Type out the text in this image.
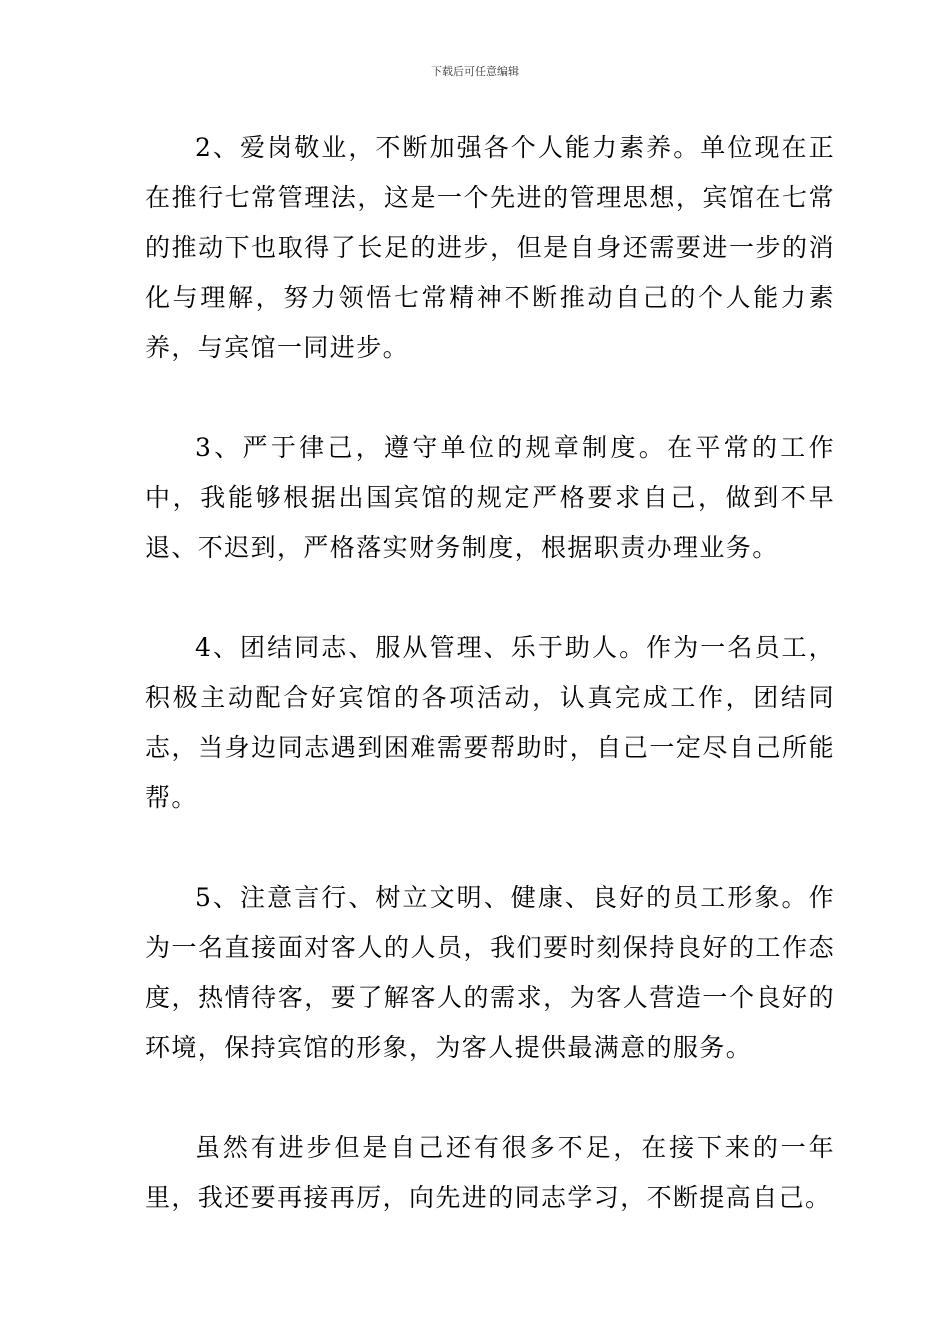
下载后可任意编辑

2、爱岗敬业，不断加强各个人能力素养。单位现在正在推行七常管理法，这是一个先进的管理思想，宾馆在七常的推动下也取得了长足的进步，但是自身还需要进一步的消化与理解，努力领悟七常精神不断推动自己的个人能力素养，与宾馆一同进步。

3、严于律己，遵守单位的规章制度。在平常的工作中，我能够根据出国宾馆的规定严格要求自己，做到不早退、不迟到，严格落实财务制度，根据职责办理业务。

4、团结同志、服从管理、乐于助人。作为一名员工，积极主动配合好宾馆的各项活动，认真完成工作，团结同志，当身边同志遇到困难需要帮助时，自己一定尽自己所能帮。

5、注意言行、树立文明、健康、良好的员工形象。作为一名直接面对客人的人员，我们要时刻保持良好的工作态度，热情待客，要了解客人的需求，为客人营造一个良好的环境，保持宾馆的形象，为客人提供最满意的服务。

虽然有进步但是自己还有很多不足，在接下来的一年里，我还要再接再厉，向先进的同志学习，不断提高自己。
